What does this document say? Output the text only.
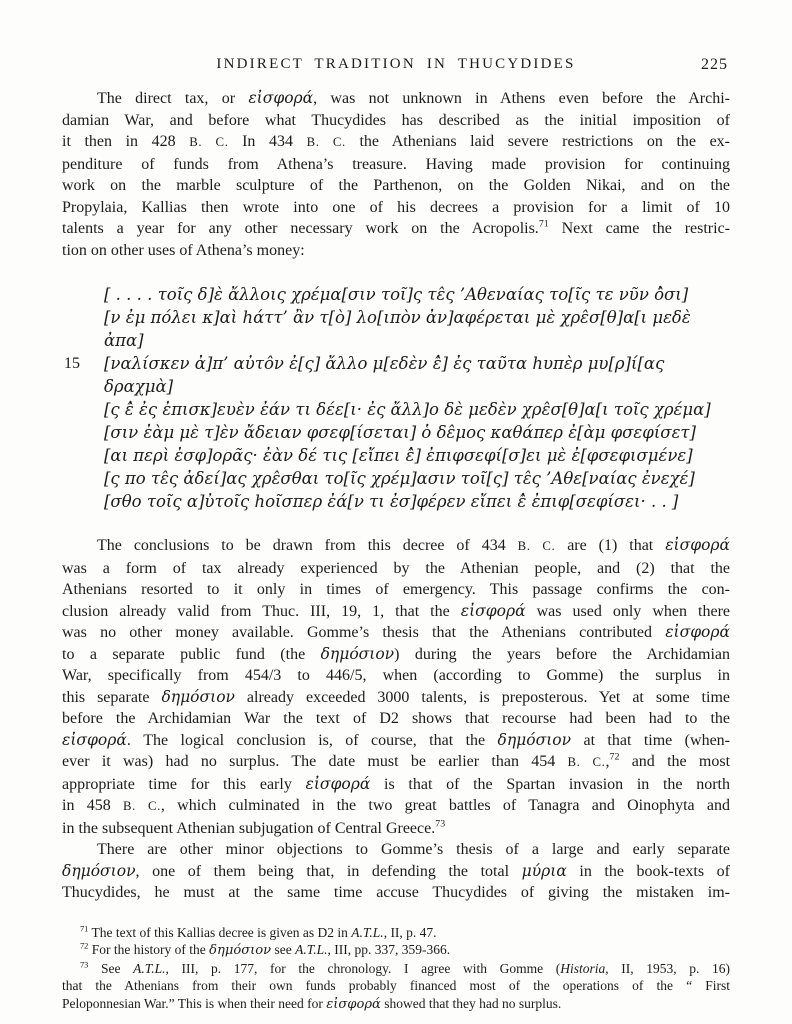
INDIRECT TRADITION IN THUCYDIDES	225
The direct tax, or εἰσφορά, was not unknown in Athens even before the Archi-
damian War, and before what Thucydides has described as the initial imposition of
it then in 428 B. C. In 434 B. C. the Athenians laid severe restrictions on the ex-
penditure of funds from Athena’s treasure. Having made provision for continuing
work on the marble sculpture of the Parthenon, on the Golden Nikai, and on the
Propylaia, Kallias then wrote into one of his decrees a provision for a limit of 10
talents a year for any other necessary work on the Acropolis.$^{71}$ Next came the restric-
tion on other uses of Athena’s money:
15
[ . . . . τοῖς δ]ὲ ἄλλοις χρέμα[σιν τοῖ]ς τε̂ς ’Αθεναίας το[ῖς τε νῦν ὀ̂σι]
[ν ἐμ πόλει κ]αὶ hάττ’ ἂν τ[ὸ] λο[ιπὸν ἀν]αφέρεται μὲ χρε̂σ[θ]α[ι μεδὲ ἀπα]
[ναλίσκεν ἀ]π’ αὐτο̂ν ἐ[ς] ἄλλο μ[εδὲν ἐ̂] ἐς ταῦτα hυπὲρ μυ[ρ]ί[ας δραχμὰ]
[ς ἐ̂ ἐς ἐπισκ]ευὲν ἐάν τι δέε[ι· ἐς ἄλλ]ο δὲ μεδὲν χρε̂σ[θ]α[ι τοῖς χρέμα]
[σιν ἐὰμ μὲ τ]ὲν ἄδειαν φσεφ[ίσεται] ὁ δε̂μος καθάπερ ἐ[ὰμ φσεφίσετ]
[αι περὶ ἐσφ]ορᾶς· ἐὰν δέ τις [εἴπει ἐ̂] ἐπιφσεφί[σ]ει μὲ ἐ[φσεφισμένε]
[ς πο τε̂ς ἀδεί]ας χρε̂σθαι το[ῖς χρέμ]ασιν τοῖ[ς] τε̂ς ’Αθε[ναίας ἐνεχέ]
[σθο τοῖς α]ὐτοῖς hοῖσπερ ἐά[ν τι ἐσ]φέρεν εἴπει ἐ̂ ἐπιφ[σεφίσει· . . ]
The conclusions to be drawn from this decree of 434 B. C. are (1) that εἰσφορά
was a form of tax already experienced by the Athenian people, and (2) that the
Athenians resorted to it only in times of emergency. This passage confirms the con-
clusion already valid from Thuc. III, 19, 1, that the εἰσφορά was used only when there
was no other money available. Gomme’s thesis that the Athenians contributed εἰσφορά
to a separate public fund (the δημόσιον) during the years before the Archidamian
War, specifically from 454/3 to 446/5, when (according to Gomme) the surplus in
this separate δημόσιον already exceeded 3000 talents, is preposterous. Yet at some time
before the Archidamian War the text of D2 shows that recourse had been had to the
εἰσφορά. The logical conclusion is, of course, that the δημόσιον at that time (when-
ever it was) had no surplus. The date must be earlier than 454 B. C.,$^{72}$ and the most
appropriate time for this early εἰσφορά is that of the Spartan invasion in the north
in 458 B. C., which culminated in the two great battles of Tanagra and Oinophyta and
in the subsequent Athenian subjugation of Central Greece.$^{73}$
There are other minor objections to Gomme’s thesis of a large and early separate
δημόσιον, one of them being that, in defending the total μύρια in the book-texts of
Thucydides, he must at the same time accuse Thucydides of giving the mistaken im-
$^{71}$ The text of this Kallias decree is given as D2 in A.T.L., II, p. 47.
$^{72}$ For the history of the δημόσιον see A.T.L., III, pp. 337, 359-366.
$^{73}$ See A.T.L., III, p. 177, for the chronology. I agree with Gomme (Historia, II, 1953, p. 16)
that the Athenians from their own funds probably financed most of the operations of the “ First
Peloponnesian War.” This is when their need for εἰσφορά showed that they had no surplus.
